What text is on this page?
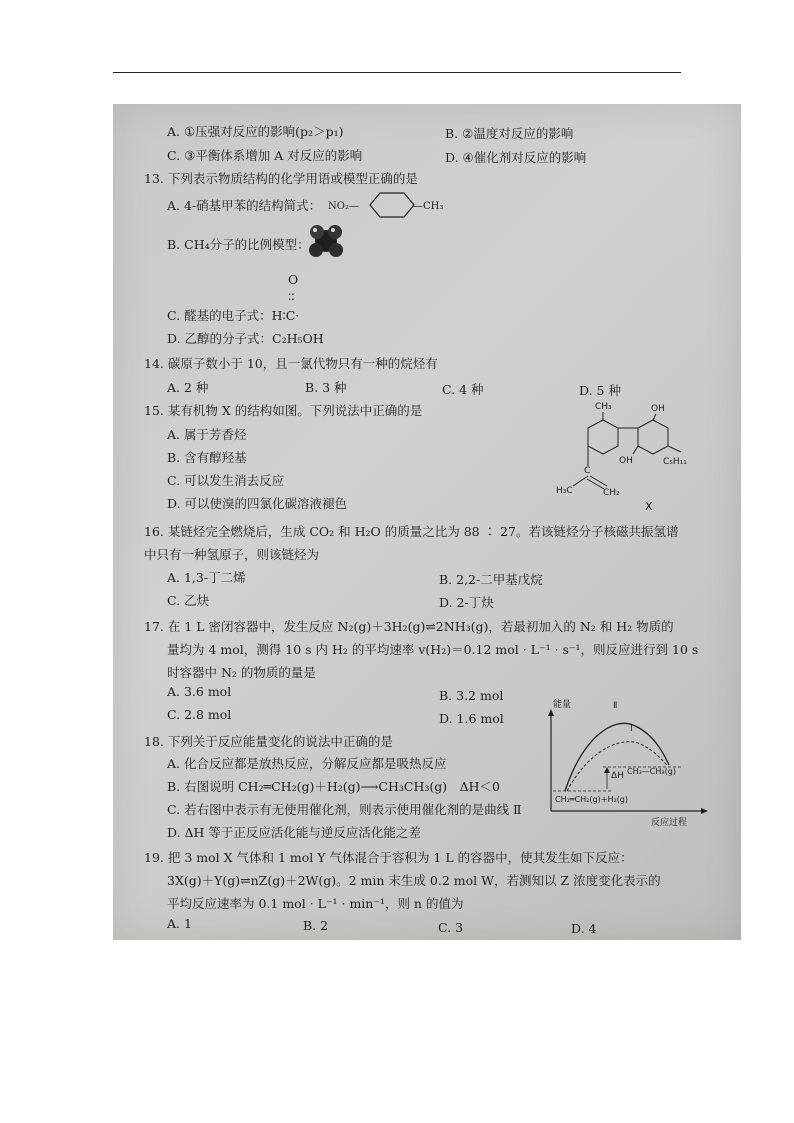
A. ①压强对反应的影响(p₂＞p₁)	B. ②温度对反应的影响
C. ③平衡体系增加 A 对反应的影响	D. ④催化剂对反应的影响
13. 下列表示物质结构的化学用语或模型正确的是
A. 4-硝基甲苯的结构简式： NO₂—	—CH₃
B. CH₄分子的比例模型：
O
∶∶
C. 醛基的电子式：H∶C·
D. 乙醇的分子式：C₂H₅OH
14. 碳原子数小于 10，且一氯代物只有一种的烷烃有
A. 2 种	B. 3 种	C. 4 种	D. 5 种
15. 某有机物 X 的结构如图。下列说法中正确的是
A. 属于芳香烃
B. 含有醇羟基
C. 可以发生消去反应
D. 可以使溴的四氯化碳溶液褪色
CH₃	OH
OH	C₅H₁₁
C
H₃C	CH₂
X
16. 某链烃完全燃烧后，生成 CO₂ 和 H₂O 的质量之比为 88 ∶ 27。若该链烃分子核磁共振氢谱
中只有一种氢原子，则该链烃为
A. 1,3-丁二烯	B. 2,2-二甲基戊烷
C. 乙炔	D. 2-丁炔
17. 在 1 L 密闭容器中，发生反应 N₂(g)＋3H₂(g)⇌2NH₃(g)，若最初加入的 N₂ 和 H₂ 物质的
量均为 4 mol，测得 10 s 内 H₂ 的平均速率 v(H₂)＝0.12 mol · L⁻¹ · s⁻¹，则反应进行到 10 s
时容器中 N₂ 的物质的量是
A. 3.6 mol	B. 3.2 mol
C. 2.8 mol	D. 1.6 mol
18. 下列关于反应能量变化的说法中正确的是
A. 化合反应都是放热反应，分解反应都是吸热反应
B. 右图说明 CH₂═CH₂(g)＋H₂(g)⟶CH₃CH₃(g)　ΔH＜0
C. 若右图中表示有无使用催化剂，则表示使用催化剂的是曲线 Ⅱ
D. ΔH 等于正反应活化能与逆反应活化能之差
能量	Ⅱ
Ⅰ
ΔH CH₃—CH₃(g)
CH₂═CH₂(g)+H₂(g)
反应过程
19. 把 3 mol X 气体和 1 mol Y 气体混合于容积为 1 L 的容器中，使其发生如下反应：
3X(g)＋Y(g)⇌nZ(g)＋2W(g)。2 min 末生成 0.2 mol W，若测知以 Z 浓度变化表示的
平均反应速率为 0.1 mol · L⁻¹ · min⁻¹，则 n 的值为
A. 1	B. 2	C. 3	D. 4
